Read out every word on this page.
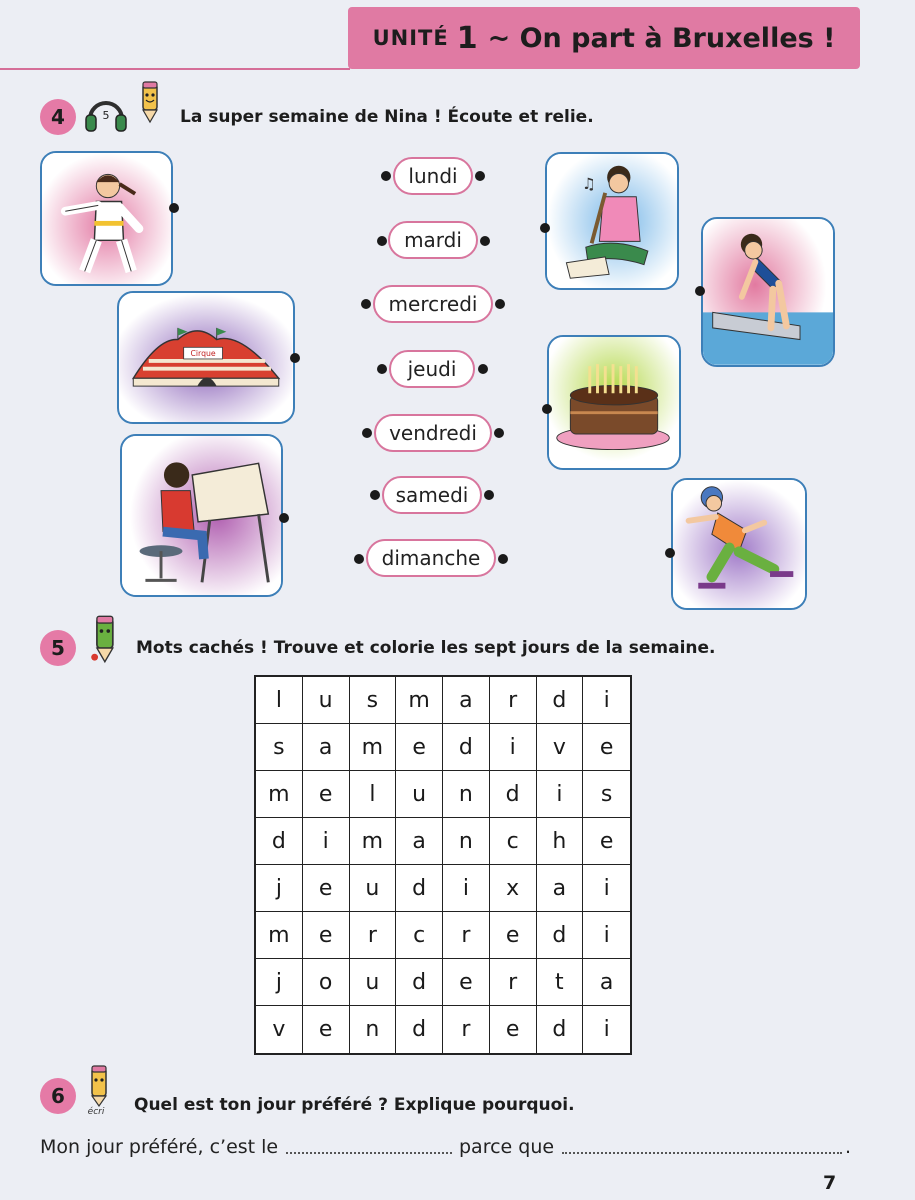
UNITÉ 1 ~ On part à Bruxelles !
4	5	La super semaine de Nina ! Écoute et relie.
Cirque
lundi
mardi
mercredi
jeudi
vendredi
samedi
dimanche
♫
5	Mots cachés ! Trouve et colorie les sept jours de la semaine.
l	u	s	m	a	r	d	i
s	a	m	e	d	i	v	e
m	e	l	u	n	d	i	s
d	i	m	a	n	c	h	e
j	e	u	d	i	x	a	i
m	e	r	c	r	e	d	i
j	o	u	d	e	r	t	a
v	e	n	d	r	e	d	i
6
écri Quel est ton jour préféré ? Explique pourquoi.
Mon jour préféré, c’est le	parce que	.
7
